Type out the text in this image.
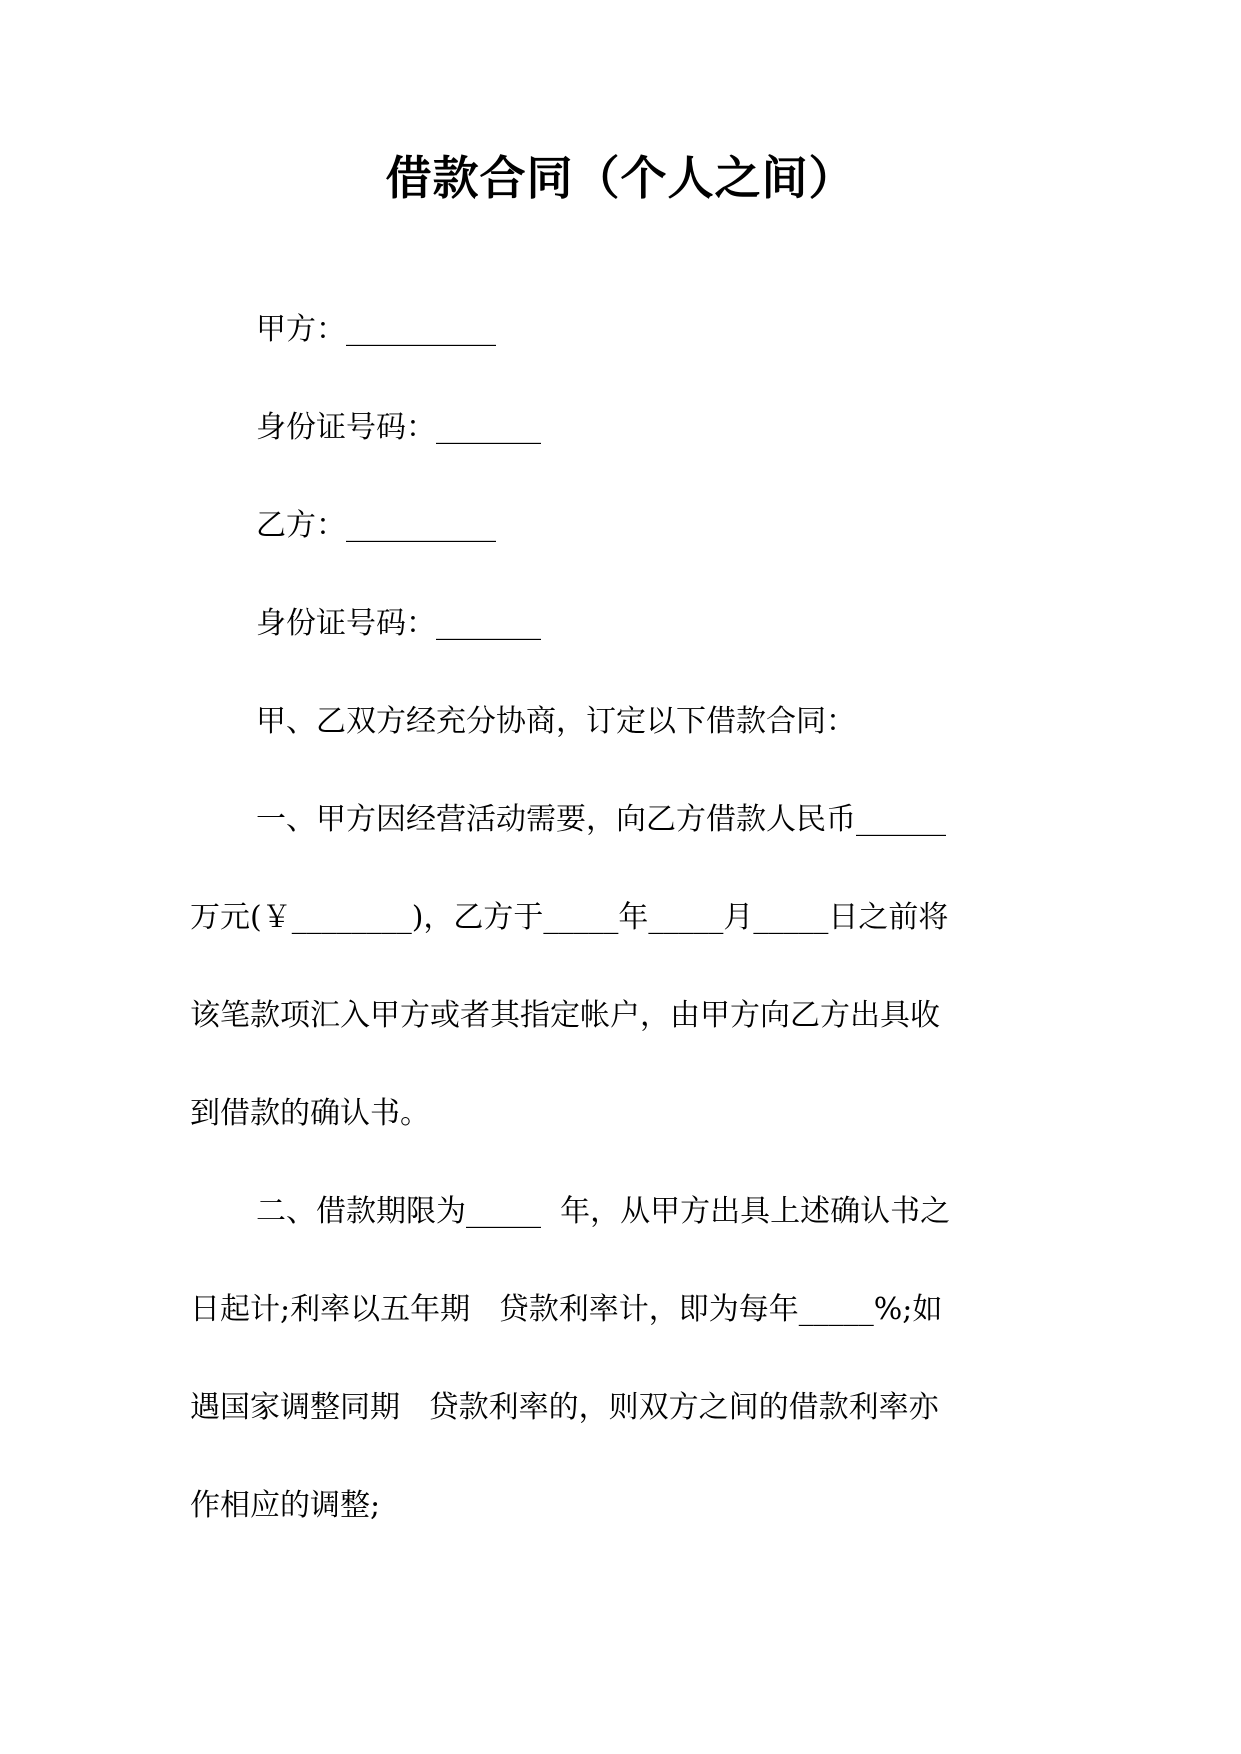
借款合同（个人之间）
甲方：__________
身份证号码：_______
乙方：__________
身份证号码：_______
甲、乙双方经充分协商，订定以下借款合同：
一、甲方因经营活动需要，向乙方借款人民币______
万元(￥________)，乙方于_____年_____月_____日之前将
该笔款项汇入甲方或者其指定帐户，由甲方向乙方出具收
到借款的确认书。
二、借款期限为_____  年，从甲方出具上述确认书之
日起计;利率以五年期   贷款利率计，即为每年_____%;如
遇国家调整同期   贷款利率的，则双方之间的借款利率亦
作相应的调整;
